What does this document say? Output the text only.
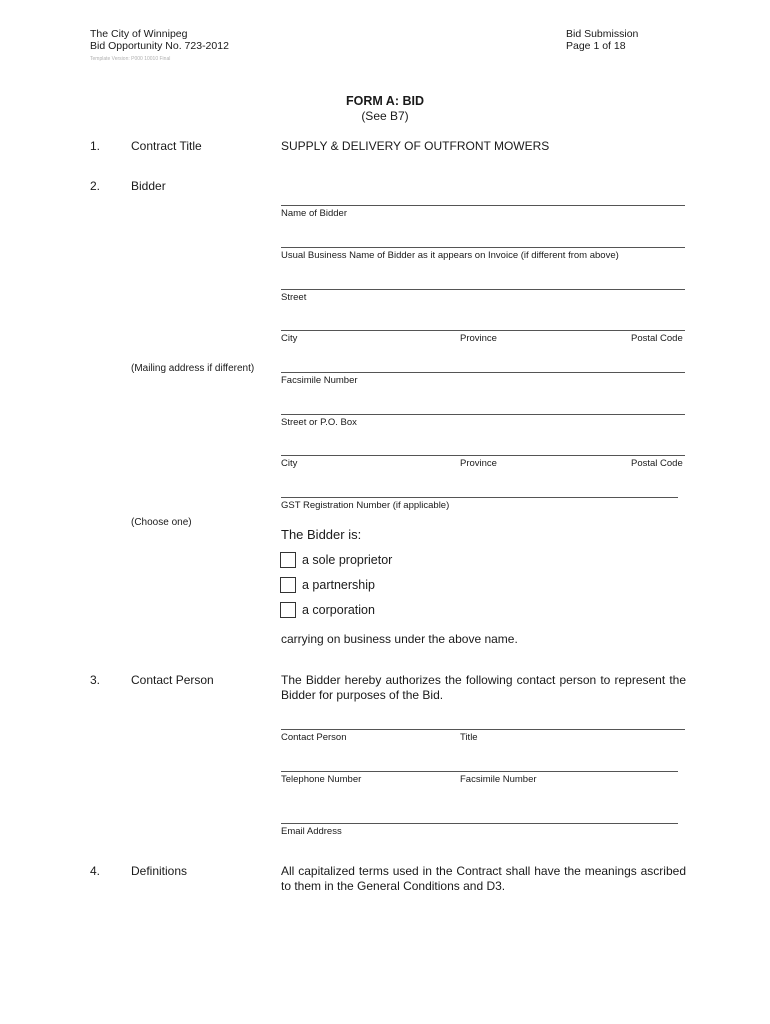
The City of Winnipeg
Bid Opportunity No. 723-2012
Template Version: P000 10010 Final
Bid Submission
Page 1 of 18
FORM A: BID
(See B7)
1.	Contract Title	SUPPLY & DELIVERY OF OUTFRONT MOWERS
2.	Bidder
Name of Bidder
Usual Business Name of Bidder as it appears on Invoice (if different from above)
Street
City	Province	Postal Code
(Mailing address if different)
Facsimile Number
Street or P.O. Box
City	Province	Postal Code
GST Registration Number (if applicable)
(Choose one)
The Bidder is:
a sole proprietor
a partnership
a corporation
carrying on business under the above name.
3.	Contact Person	The Bidder hereby authorizes the following contact person to represent the Bidder for purposes of the Bid.
Contact Person	Title
Telephone Number	Facsimile Number
Email Address
4.	Definitions	All capitalized terms used in the Contract shall have the meanings ascribed to them in the General Conditions and D3.
